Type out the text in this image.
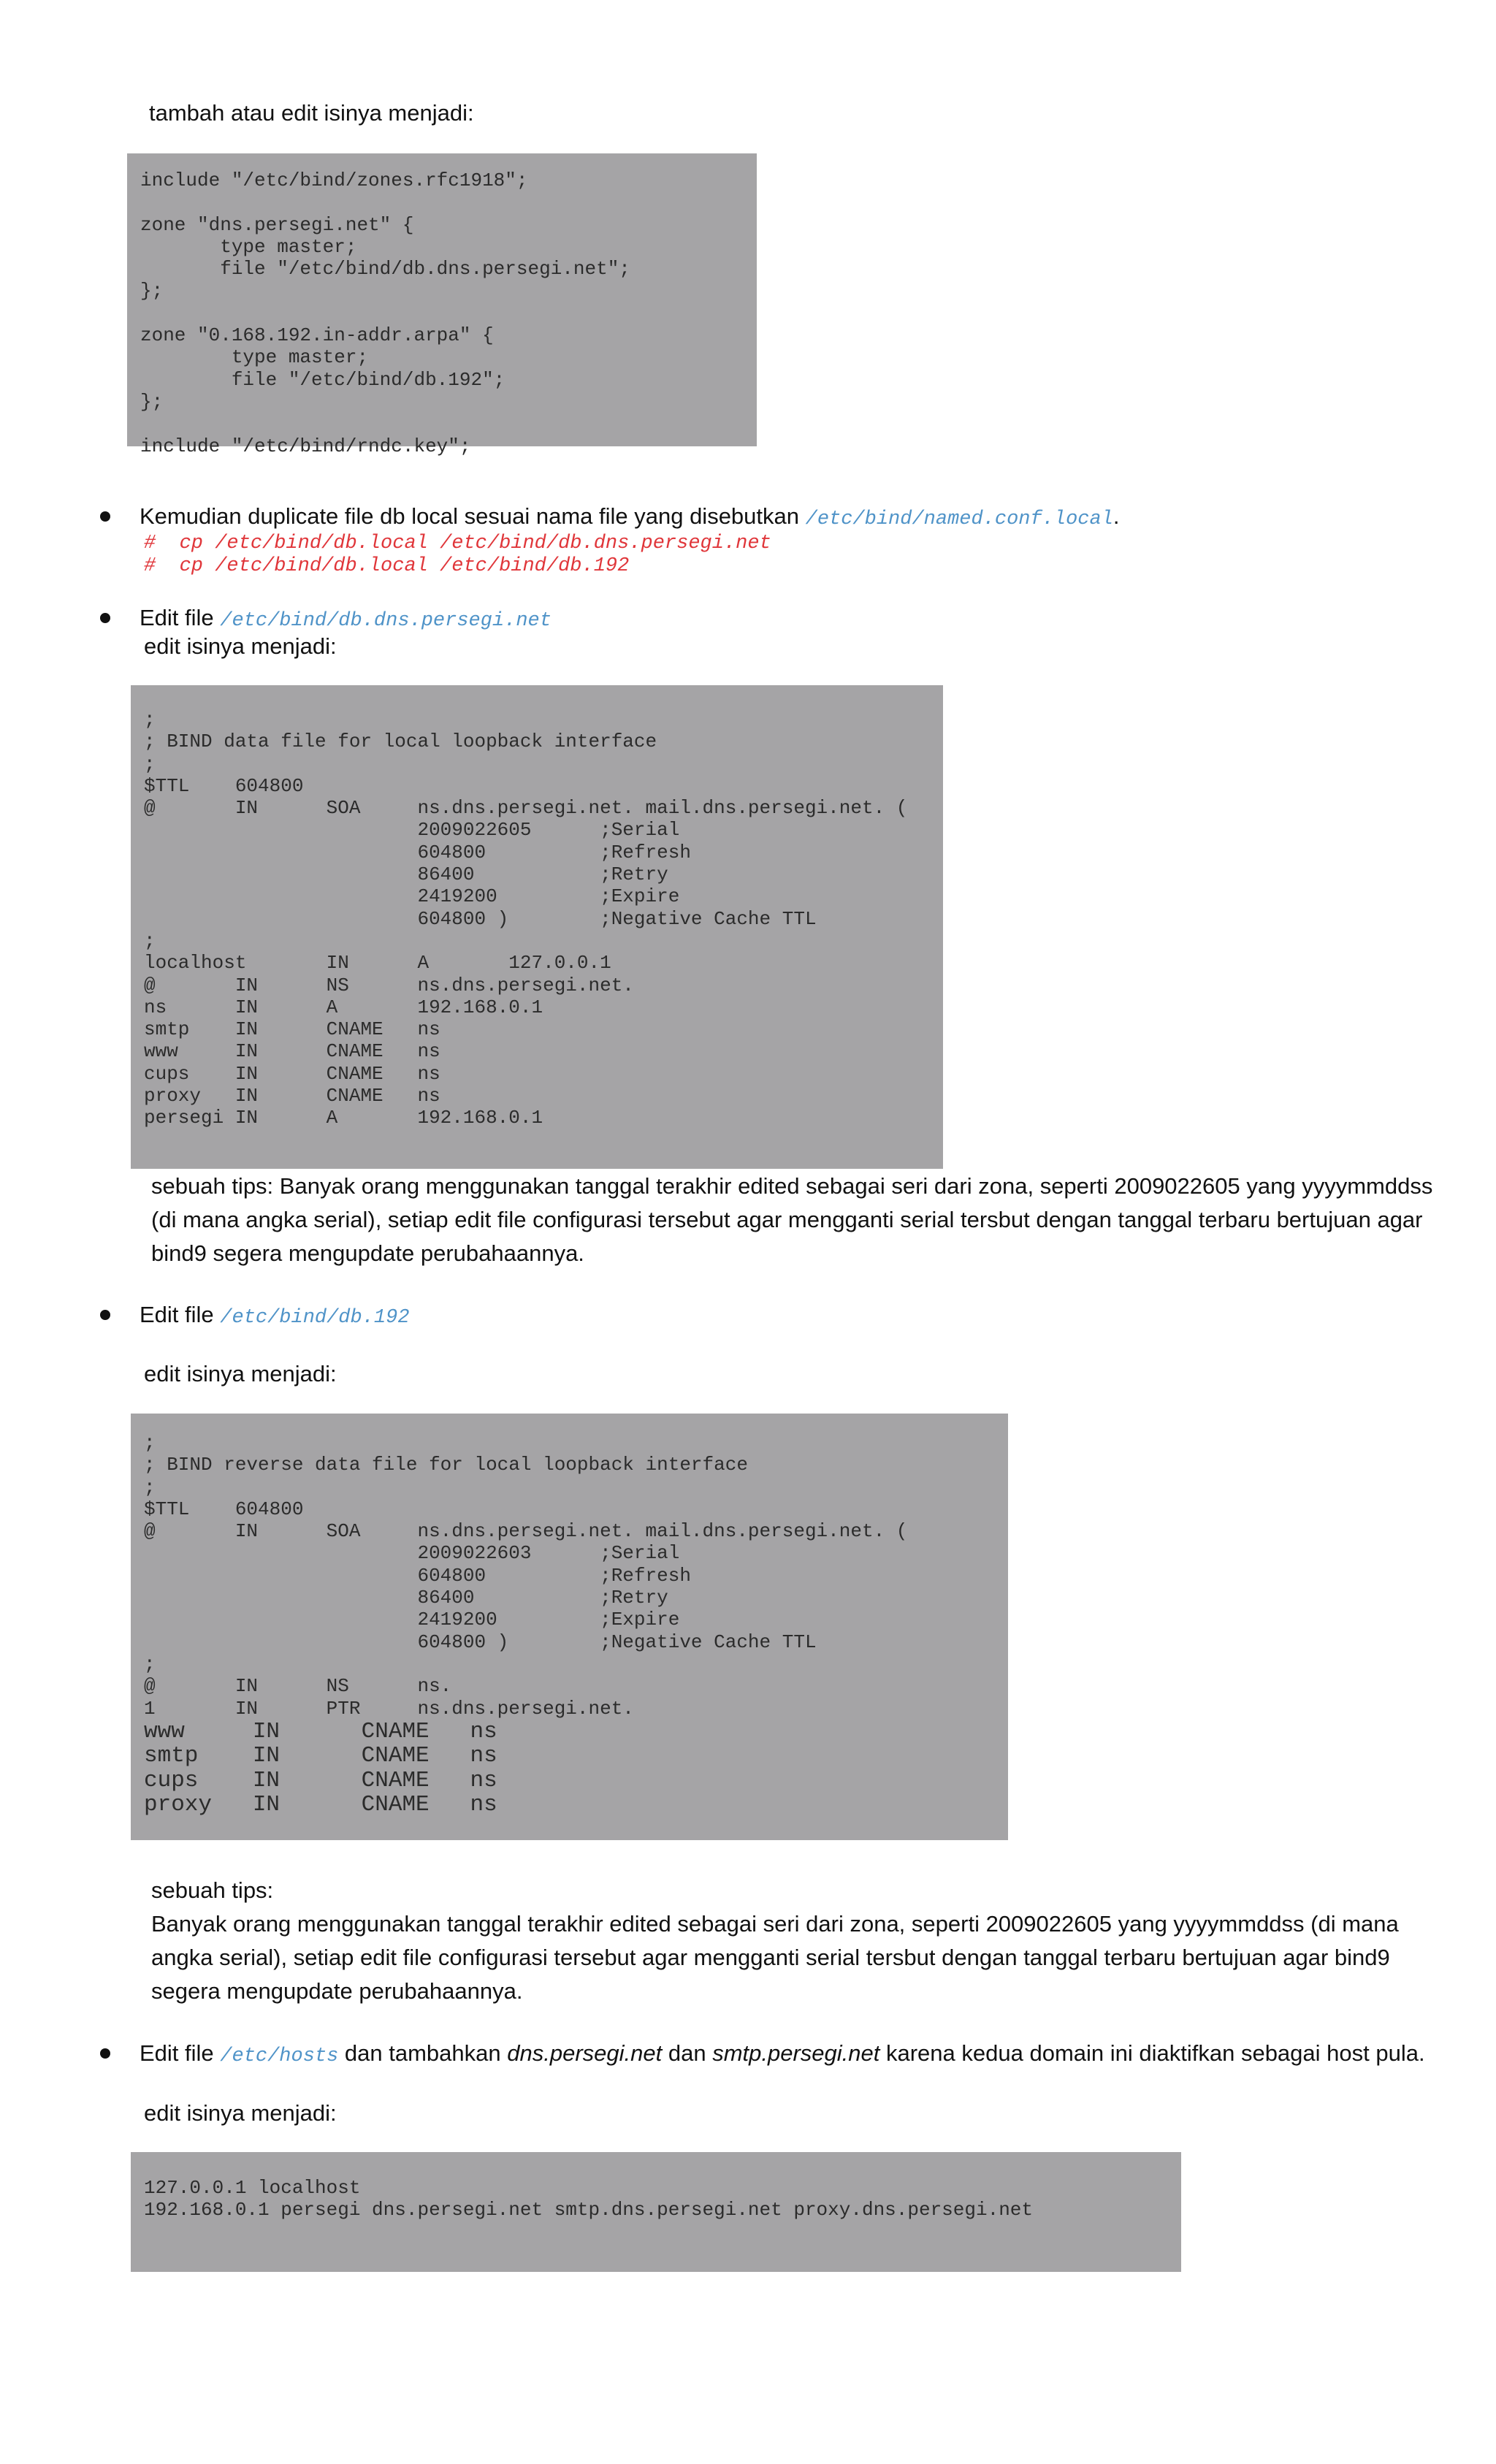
tambah atau edit isinya menjadi:
include "/etc/bind/zones.rfc1918";

zone "dns.persegi.net" {
type master;
file "/etc/bind/db.dns.persegi.net";
};

zone "0.168.192.in-addr.arpa" {
type master;
file "/etc/bind/db.192";
};

include "/etc/bind/rndc.key";
Kemudian duplicate file db local sesuai nama file yang disebutkan /etc/bind/named.conf.local.
#  cp /etc/bind/db.local /etc/bind/db.dns.persegi.net
#  cp /etc/bind/db.local /etc/bind/db.192
Edit file /etc/bind/db.dns.persegi.net
edit isinya menjadi:
;
; BIND data file for local loopback interface
;
$TTL    604800
@       IN      SOA     ns.dns.persegi.net. mail.dns.persegi.net. (
2009022605      ;Serial
604800          ;Refresh
86400           ;Retry
2419200         ;Expire
604800 )        ;Negative Cache TTL
;
localhost       IN      A       127.0.0.1
@       IN      NS      ns.dns.persegi.net.
ns      IN      A       192.168.0.1
smtp    IN      CNAME   ns
www     IN      CNAME   ns
cups    IN      CNAME   ns
proxy   IN      CNAME   ns
persegi IN      A       192.168.0.1
sebuah tips: Banyak orang menggunakan tanggal terakhir edited sebagai seri dari zona, seperti 2009022605 yang yyyymmddss (di mana angka serial), setiap edit file configurasi tersebut agar mengganti serial tersbut dengan tanggal terbaru bertujuan agar bind9 segera mengupdate perubahaannya.
Edit file /etc/bind/db.192
edit isinya menjadi:
;
; BIND reverse data file for local loopback interface
;
$TTL    604800
@       IN      SOA     ns.dns.persegi.net. mail.dns.persegi.net. (
2009022603      ;Serial
604800          ;Refresh
86400           ;Retry
2419200         ;Expire
604800 )        ;Negative Cache TTL
;
@       IN      NS      ns.
1       IN      PTR     ns.dns.persegi.net.
www     IN      CNAME   ns
smtp    IN      CNAME   ns
cups    IN      CNAME   ns
proxy   IN      CNAME   ns
sebuah tips:
Banyak orang menggunakan tanggal terakhir edited sebagai seri dari zona, seperti 2009022605 yang yyyymmddss (di mana angka serial), setiap edit file configurasi tersebut agar mengganti serial tersbut dengan tanggal terbaru bertujuan agar bind9 segera mengupdate perubahaannya.
Edit file /etc/hosts dan tambahkan dns.persegi.net dan smtp.persegi.net karena kedua domain ini diaktifkan sebagai host pula.
edit isinya menjadi:
127.0.0.1 localhost
192.168.0.1 persegi dns.persegi.net smtp.dns.persegi.net proxy.dns.persegi.net
